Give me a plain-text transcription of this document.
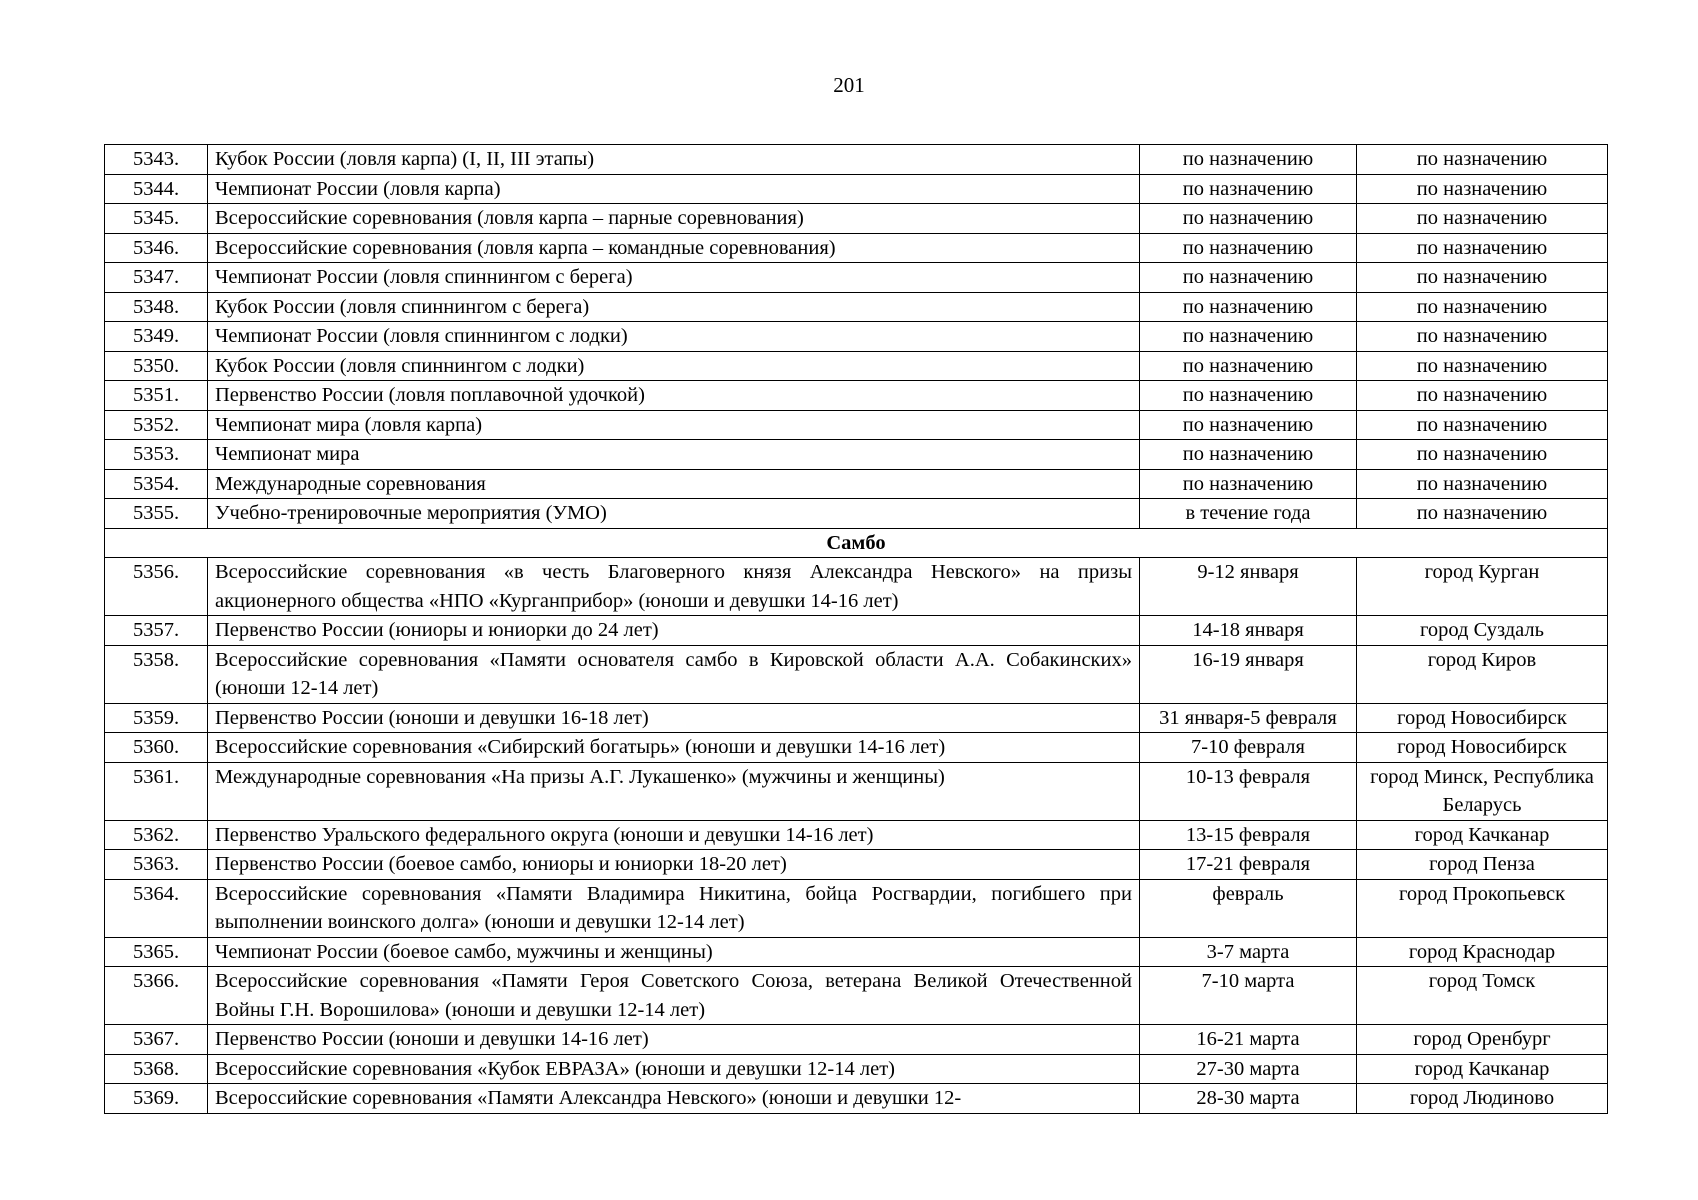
201
5343.	Кубок России (ловля карпа) (I, II, III этапы)	по назначению	по назначению
5344.	Чемпионат России (ловля карпа)	по назначению	по назначению
5345.	Всероссийские соревнования (ловля карпа – парные соревнования)	по назначению	по назначению
5346.	Всероссийские соревнования (ловля карпа – командные соревнования)	по назначению	по назначению
5347.	Чемпионат России (ловля спиннингом с берега)	по назначению	по назначению
5348.	Кубок России (ловля спиннингом с берега)	по назначению	по назначению
5349.	Чемпионат России (ловля спиннингом с лодки)	по назначению	по назначению
5350.	Кубок России (ловля спиннингом с лодки)	по назначению	по назначению
5351.	Первенство России (ловля поплавочной удочкой)	по назначению	по назначению
5352.	Чемпионат мира (ловля карпа)	по назначению	по назначению
5353.	Чемпионат мира	по назначению	по назначению
5354.	Международные соревнования	по назначению	по назначению
5355.	Учебно-тренировочные мероприятия (УМО)	в течение года	по назначению
Самбо			
5356.	Всероссийские соревнования «в честь Благоверного князя Александра Невского» на призы акционерного общества «НПО «Курганприбор» (юноши и девушки 14-16 лет)	9-12 января	город Курган
5357.	Первенство России (юниоры и юниорки до 24 лет)	14-18 января	город Суздаль
5358.	Всероссийские соревнования «Памяти основателя самбо в Кировской области А.А. Собакинских» (юноши 12-14 лет)	16-19 января	город Киров
5359.	Первенство России (юноши и девушки 16-18 лет)	31 января-5 февраля	город Новосибирск
5360.	Всероссийские соревнования «Сибирский богатырь» (юноши и девушки 14-16 лет)	7-10 февраля	город Новосибирск
5361.	Международные соревнования «На призы А.Г. Лукашенко» (мужчины и женщины)	10-13 февраля	город Минск, Республика Беларусь
5362.	Первенство Уральского федерального округа (юноши и девушки 14-16 лет)	13-15 февраля	город Качканар
5363.	Первенство России (боевое самбо, юниоры и юниорки 18-20 лет)	17-21 февраля	город Пенза
5364.	Всероссийские соревнования «Памяти Владимира Никитина, бойца Росгвардии, погибшего при выполнении воинского долга» (юноши и девушки 12-14 лет)	февраль	город Прокопьевск
5365.	Чемпионат России (боевое самбо, мужчины и женщины)	3-7 марта	город Краснодар
5366.	Всероссийские соревнования «Памяти Героя Советского Союза, ветерана Великой Отечественной Войны Г.Н. Ворошилова» (юноши и девушки 12-14 лет)	7-10 марта	город Томск
5367.	Первенство России (юноши и девушки 14-16 лет)	16-21 марта	город Оренбург
5368.	Всероссийские соревнования «Кубок ЕВРАЗА» (юноши и девушки 12-14 лет)	27-30 марта	город Качканар
5369.	Всероссийские соревнования «Памяти Александра Невского» (юноши и девушки 12-	28-30 марта	город Людиново
